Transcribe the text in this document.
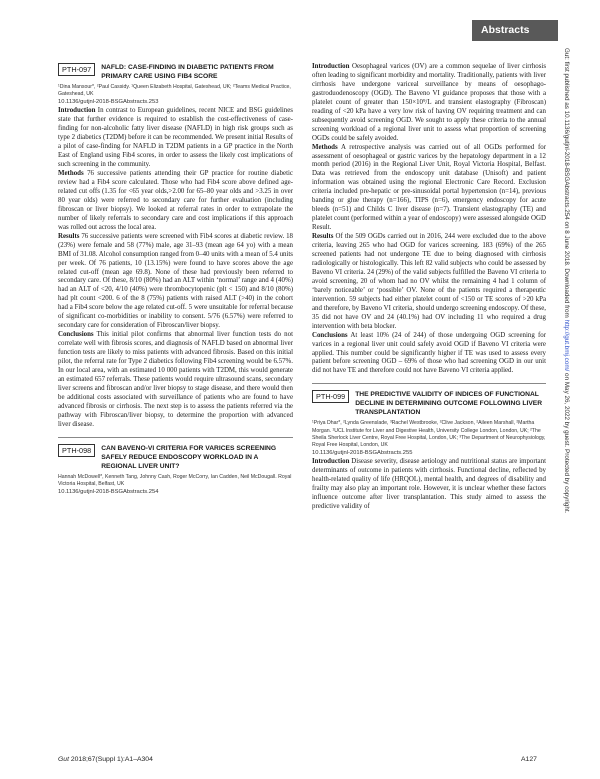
Abstracts
PTH-097	NAFLD: CASE-FINDING IN DIABETIC PATIENTS FROM PRIMARY CARE USING FIB4 SCORE

¹Dina Mansour*, ²Paul Cassidy. ¹Queen Elizabeth Hospital, Gateshead, UK; ²Teams Medical Practice, Gateshead, UK

10.1136/gutjnl-2018-BSGAbstracts.253

Introduction In contrast to European guidelines, recent NICE and BSG guidelines state that further evidence is required to establish the cost-effectiveness of case-finding for non-alcoholic fatty liver disease (NAFLD) in high risk groups such as type 2 diabetics (T2DM) before it can be recommended. We present initial Results of a pilot of case-finding for NAFLD in T2DM patients in a GP practice in the North East of England using Fib4 scores, in order to assess the likely cost implications of such screening in the community.

Methods 76 successive patients attending their GP practice for routine diabetic review had a Fib4 score calculated. Those who had Fib4 score above defined age-related cut offs (1.35 for <65 year olds,>2.00 for 65–80 year olds and >3.25 in over 80 year olds) were referred to secondary care for further evaluation (including fibroscan or liver biopsy). We looked at referral rates in order to extrapolate the number of likely referrals to secondary care and cost implications if this approach was rolled out across the local area.

Results 76 successive patients were screened with Fib4 scores at diabetic review. 18 (23%) were female and 58 (77%) male, age 31–93 (mean age 64 yo) with a mean BMI of 31.08. Alcohol consumption ranged from 0–40 units with a mean of 5.4 units per week. Of 76 patients, 10 (13.15%) were found to have scores above the age related cut-off (mean age 69.8). None of these had previously been referred to secondary care. Of these, 8/10 (80%) had an ALT within ‘normal’ range and 4 (40%) had an ALT of <20, 4/10 (40%) were thrombocytopenic (plt < 150) and 8/10 (80%) had plt count <200. 6 of the 8 (75%) patients with raised ALT (>40) in the cohort had a Fib4 score below the age related cut-off. 5 were unsuitable for referral because of significant co-morbidities or inability to consent. 5/76 (6.57%) were referred to secondary care for consideration of Fibroscan/liver biopsy.

Conclusions This initial pilot confirms that abnormal liver function tests do not correlate well with fibrosis scores, and diagnosis of NAFLD based on abnormal liver function tests are likely to miss patients with advanced fibrosis. Based on this initial pilot, the referral rate for Type 2 diabetics following Fib4 screening would be 6.57%. In our local area, with an estimated 10 000 patients with T2DM, this would generate an estimated 657 referrals. These patients would require ultrasound scans, secondary liver screens and fibroscan and/or liver biopsy to stage disease, and there would then be additional costs associated with surveillance of patients who are found to have advanced fibrosis or cirrhosis. The next step is to assess the patients referred via the pathway with Fibroscan/liver biopsy, to determine the proportion with advanced liver disease.

PTH-098	CAN BAVENO-VI CRITERIA FOR VARICES SCREENING SAFELY REDUCE ENDOSCOPY WORKLOAD IN A REGIONAL LIVER UNIT?

Hannah McDowell*, Kenneth Tang, Johnny Cash, Roger McCorry, Ian Cadden, Neil McDougall. Royal Victoria Hospital, Belfast, UK

10.1136/gutjnl-2018-BSGAbstracts.254

Introduction Oesophageal varices (OV) are a common sequelae of liver cirrhosis often leading to significant morbidity and mortality. Traditionally, patients with liver cirrhosis have undergone variceal surveillance by means of oesophago-gastroduodenoscopy (OGD). The Baveno VI guidance proposes that those with a platelet count of greater than 150×10⁹/L and transient elastography (Fibroscan) reading of <20 kPa have a very low risk of having OV requiring treatment and can subsequently avoid screening OGD. We sought to apply these criteria to the annual screening workload of a regional liver unit to assess what proportion of screening OGDs could be safely avoided.

Methods A retrospective analysis was carried out of all OGDs performed for assessment of oesophageal or gastric varices by the hepatology department in a 12 month period (2016) in the Regional Liver Unit, Royal Victoria Hospital, Belfast. Data was retrieved from the endoscopy unit database (Unisoft) and patient information was obtained using the regional Electronic Care Record. Exclusion criteria included pre-hepatic or pre-sinusoidal portal hypertension (n=14), previous banding or glue therapy (n=166), TIPS (n=6), emergency endoscopy for acute bleeds (n=51) and Childs C liver disease (n=7). Transient elastography (TE) and platelet count (performed within a year of endoscopy) were assessed alongside OGD Result.

Results Of the 509 OGDs carried out in 2016, 244 were excluded due to the above criteria, leaving 265 who had OGD for varices screening. 183 (69%) of the 265 screened patients had not undergone TE due to being diagnosed with cirrhosis radiologically or histologically. This left 82 valid subjects who could be assessed by Baveno VI criteria. 24 (29%) of the valid subjects fulfilled the Baveno VI criteria to avoid screening, 20 of whom had no OV whilst the remaining 4 had 1 column of ‘barely noticeable’ or ‘possible’ OV. None of the patients required a therapeutic intervention. 59 subjects had either platelet count of <150 or TE scores of >20 kPa and therefore, by Baveno VI criteria, should undergo screening endoscopy. Of these, 35 did not have OV and 24 (40.1%) had OV including 11 who required a drug intervention with beta blocker.

Conclusions At least 10% (24 of 244) of those undergoing OGD screening for varices in a regional liver unit could safely avoid OGD if Baveno VI criteria were applied. This number could be significantly higher if TE was used to assess every patient before screening OGD – 69% of those who had screening OGD in our unit did not have TE and therefore could not have Baveno VI criteria applied.

PTH-099	THE PREDICTIVE VALIDITY OF INDICES OF FUNCTIONAL DECLINE IN DETERMINING OUTCOME FOLLOWING LIVER TRANSPLANTATION

¹Priya Dhar*, ²Lynda Greenslade, ³Rachel Westbrooke, ²Clive Jackson, ²Aileen Marshall, ²Martha Morgan. ¹UCL Institute for Liver and Digestive Health, University College London, London, UK; ²The Sheila Sherlock Liver Centre, Royal Free Hospital, London, UK; ³The Department of Neurophysiology, Royal Free Hospital, London, UK

10.1136/gutjnl-2018-BSGAbstracts.255

Introduction Disease severity, disease aetiology and nutritional status are important determinants of outcome in patients with cirrhosis. Functional decline, reflected by health-related quality of life (HRQOL), mental health, and degrees of disability and frailty may also play an important role. However, it is unclear whether these factors influence outcome after liver transplantation. This study aimed to assess the predictive validity of

Gut 2018;67(Suppl 1):A1–A304	A127
Gut: first published as 10.1136/gutjnl-2018-BSGAbstracts.254 on 8 June 2018. Downloaded from http://gut.bmj.com/ on May 26, 2022 by guest. Protected by copyright.
